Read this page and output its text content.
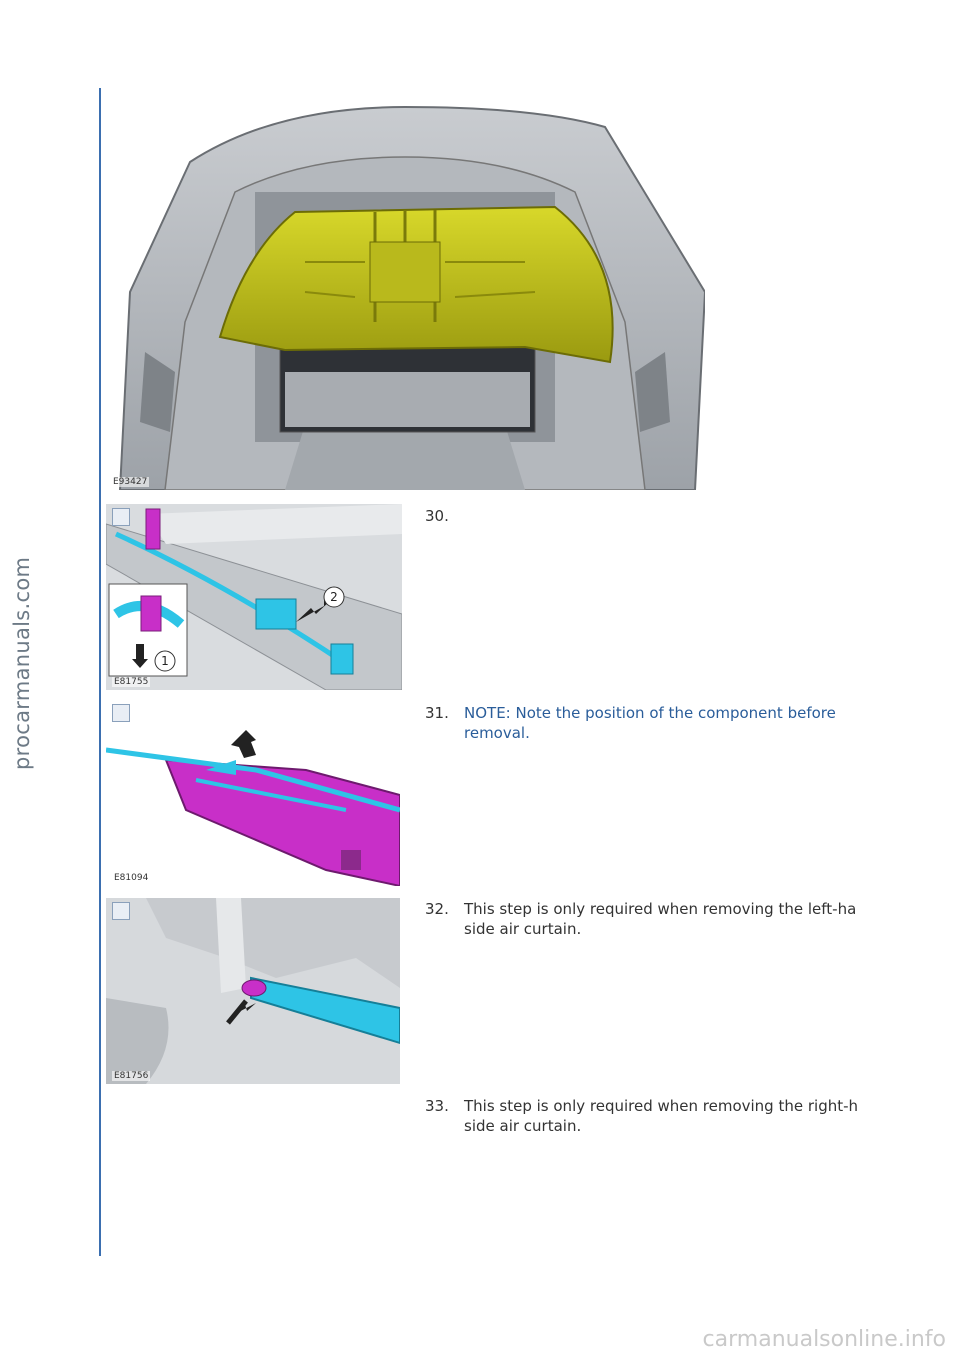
procarmanuals.com
carmanualsonline.info
E93427
1
2
E81755
E81094
E81756
30.
31. NOTE: Note the position of the component before
removal.
32. This step is only required when removing the left-ha
side air curtain.
33. This step is only required when removing the right-h
side air curtain.
